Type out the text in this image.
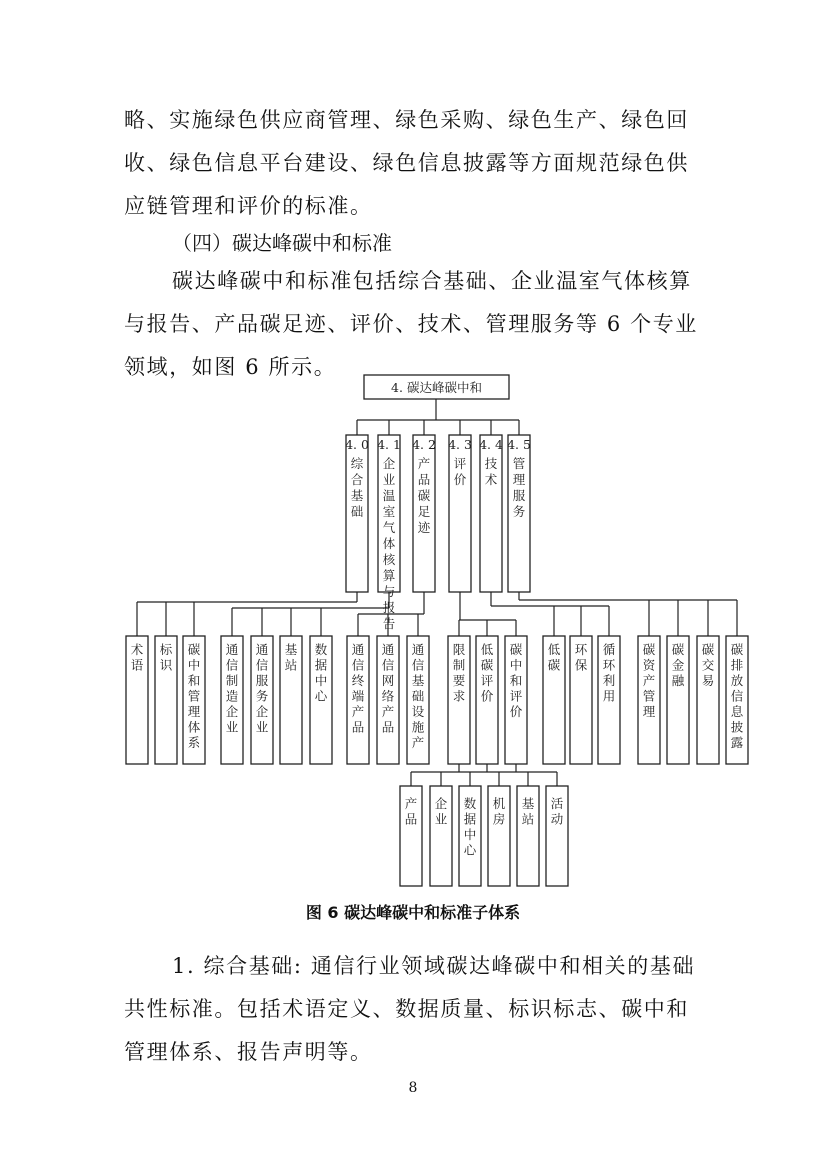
略、实施绿色供应商管理、绿色采购、绿色生产、绿色回收、绿色信息平台建设、绿色信息披露等方面规范绿色供应链管理和评价的标准。

（四）碳达峰碳中和标准

碳达峰碳中和标准包括综合基础、企业温室气体核算与报告、产品碳足迹、评价、技术、管理服务等 6 个专业领域，如图 6 所示。

4. 碳达峰碳中和
4. 0
综合基础
4. 1
企业温室气体核算与报告
4. 2
产品碳足迹
4. 3
评价
4. 4
技术
4. 5
管理服务
术语
标识
碳中和管理体系
通信制造企业
通信服务企业
基站
数据中心
通信终端产品
通信网络产品
通信基础设施产
限制要求
低碳评价
碳中和评价
低碳
环保
循环利用
碳资产管理
碳金融
碳交易
碳排放信息披露
产品
企业
数据中心
机房
基站
活动
图 6 碳达峰碳中和标准子体系

1. 综合基础: 通信行业领域碳达峰碳中和相关的基础共性标准。包括术语定义、数据质量、标识标志、碳中和管理体系、报告声明等。

8
